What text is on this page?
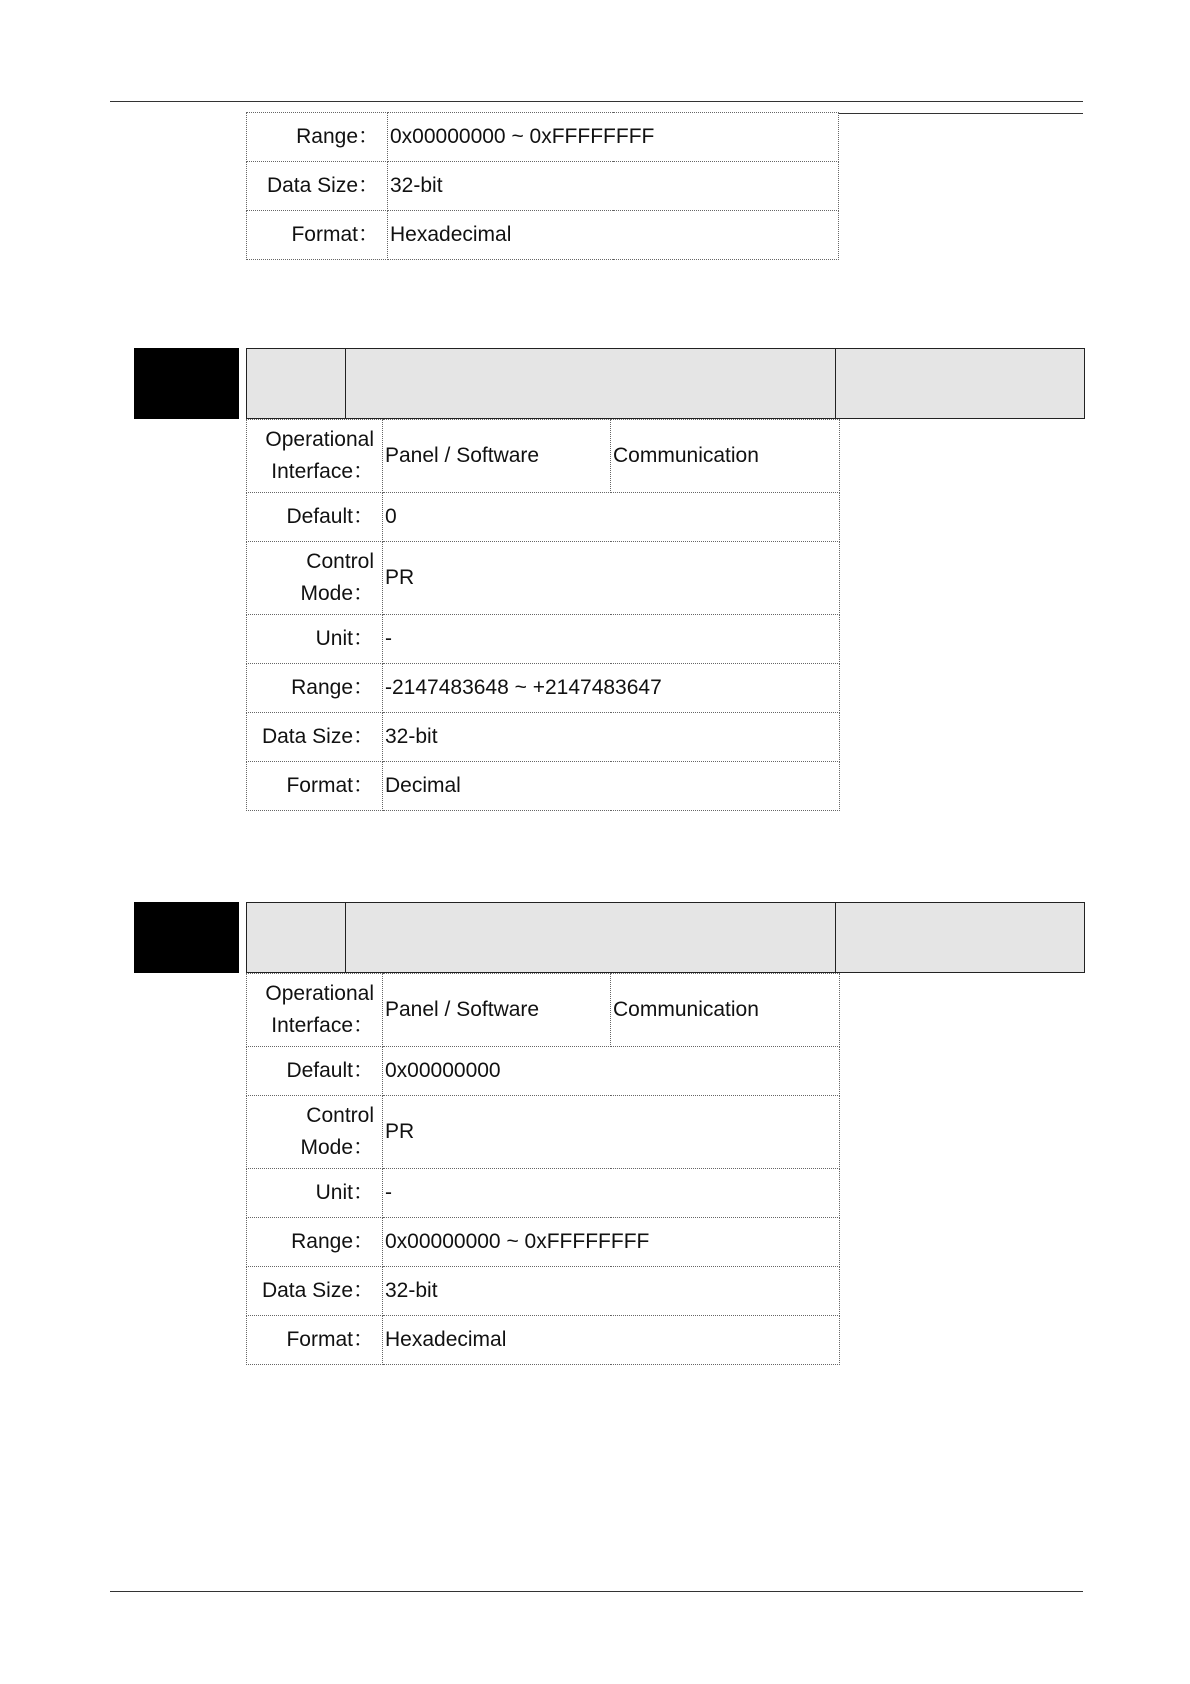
Range：	0x00000000 ~ 0xFFFFFFFF
Data Size：	32-bit
Format：	Hexadecimal
Operational
Interface：	Panel / Software	Communication
Default：	0	

Control
Mode：	PR	
Unit：	-	
Range：	-2147483648 ~ +2147483647	
Data Size：	32-bit	
Format：	Decimal	
Operational
Interface：	Panel / Software	Communication
Default：	0x00000000	

Control
Mode：	PR	
Unit：	-	
Range：	0x00000000 ~ 0xFFFFFFFF	
Data Size：	32-bit	
Format：	Hexadecimal	
